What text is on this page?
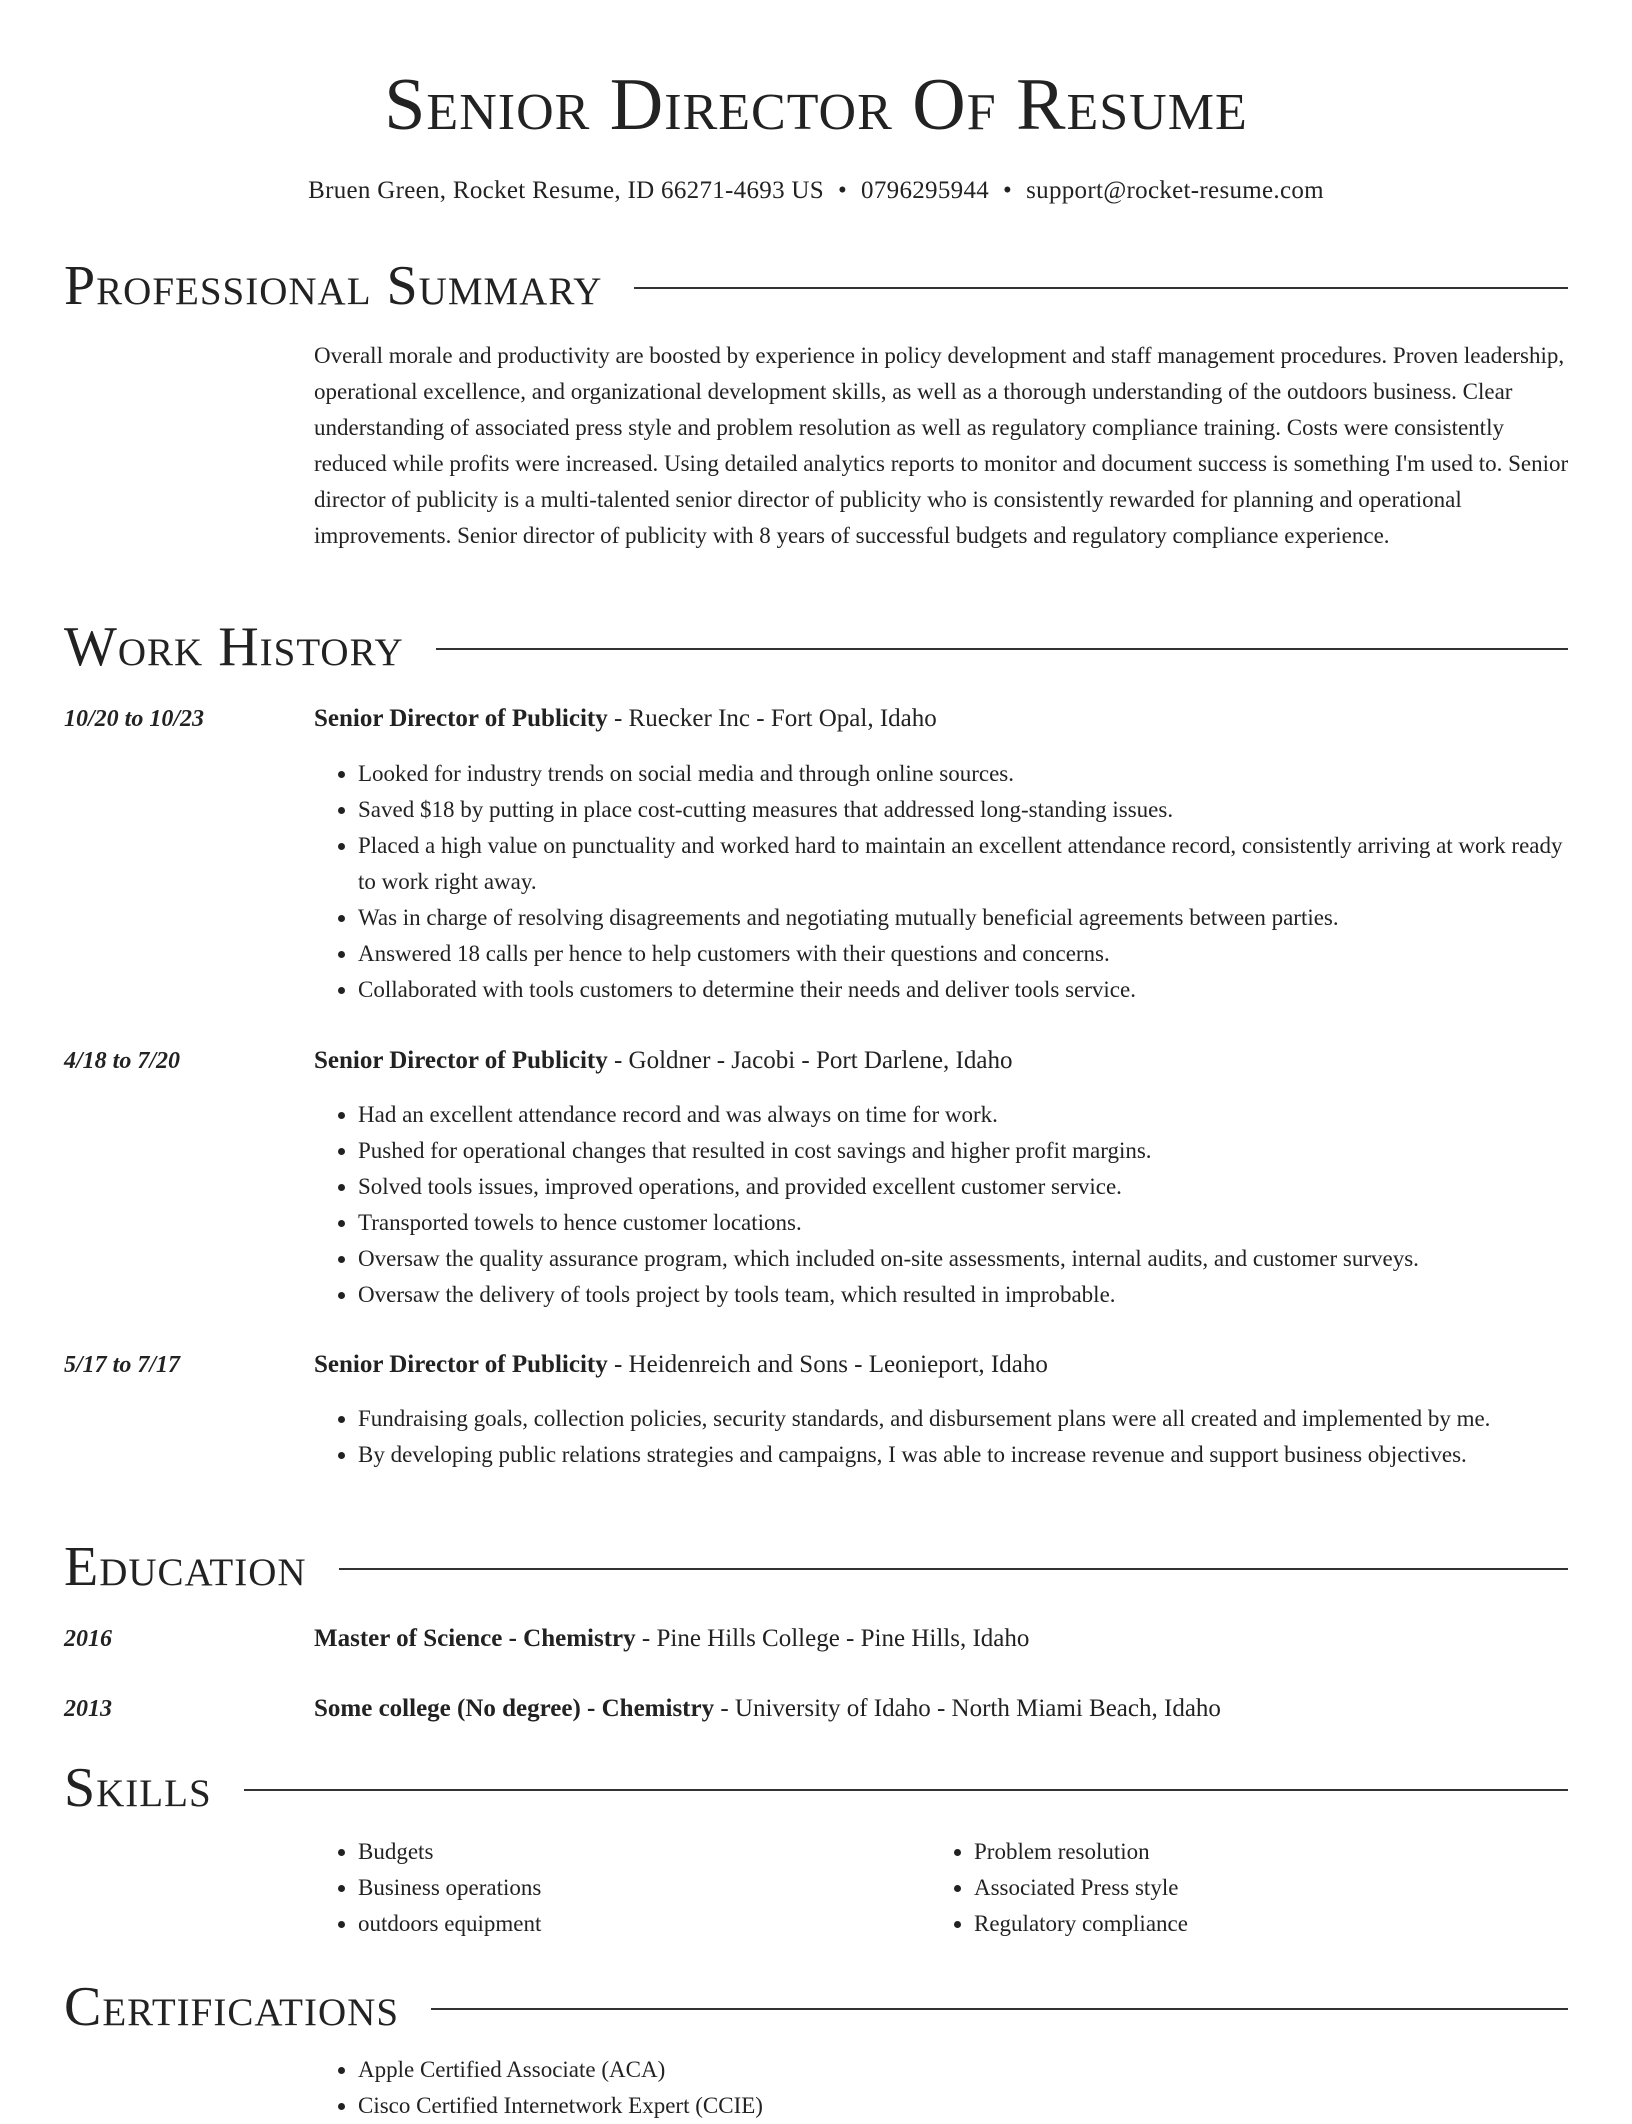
Senior Director Of Resume
Bruen Green, Rocket Resume, ID 66271-4693 US • 0796295944 • support@rocket-resume.com
Professional Summary

Overall morale and productivity are boosted by experience in policy development and staff management procedures. Proven leadership, operational excellence, and organizational development skills, as well as a thorough understanding of the outdoors business. Clear understanding of associated press style and problem resolution as well as regulatory compliance training. Costs were consistently reduced while profits were increased. Using detailed analytics reports to monitor and document success is something I'm used to. Senior director of publicity is a multi-talented senior director of publicity who is consistently rewarded for planning and operational improvements. Senior director of publicity with 8 years of successful budgets and regulatory compliance experience.

Work History
10/20 to 10/23	Senior Director of Publicity - Ruecker Inc - Fort Opal, Idaho
• Looked for industry trends on social media and through online sources.
• Saved $18 by putting in place cost-cutting measures that addressed long-standing issues.
• Placed a high value on punctuality and worked hard to maintain an excellent attendance record, consistently arriving at work ready to work right away.
• Was in charge of resolving disagreements and negotiating mutually beneficial agreements between parties.
• Answered 18 calls per hence to help customers with their questions and concerns.
• Collaborated with tools customers to determine their needs and deliver tools service.
4/18 to 7/20	Senior Director of Publicity - Goldner - Jacobi - Port Darlene, Idaho
• Had an excellent attendance record and was always on time for work.
• Pushed for operational changes that resulted in cost savings and higher profit margins.
• Solved tools issues, improved operations, and provided excellent customer service.
• Transported towels to hence customer locations.
• Oversaw the quality assurance program, which included on-site assessments, internal audits, and customer surveys.
• Oversaw the delivery of tools project by tools team, which resulted in improbable.
5/17 to 7/17	Senior Director of Publicity - Heidenreich and Sons - Leonieport, Idaho
• Fundraising goals, collection policies, security standards, and disbursement plans were all created and implemented by me.
• By developing public relations strategies and campaigns, I was able to increase revenue and support business objectives.
Education
2016	Master of Science - Chemistry - Pine Hills College - Pine Hills, Idaho
2013	Some college (No degree) - Chemistry - University of Idaho - North Miami Beach, Idaho
Skills
• Budgets
• Business operations
• outdoors equipment
• Problem resolution
• Associated Press style
• Regulatory compliance
Certifications
• Apple Certified Associate (ACA)
• Cisco Certified Internetwork Expert (CCIE)
